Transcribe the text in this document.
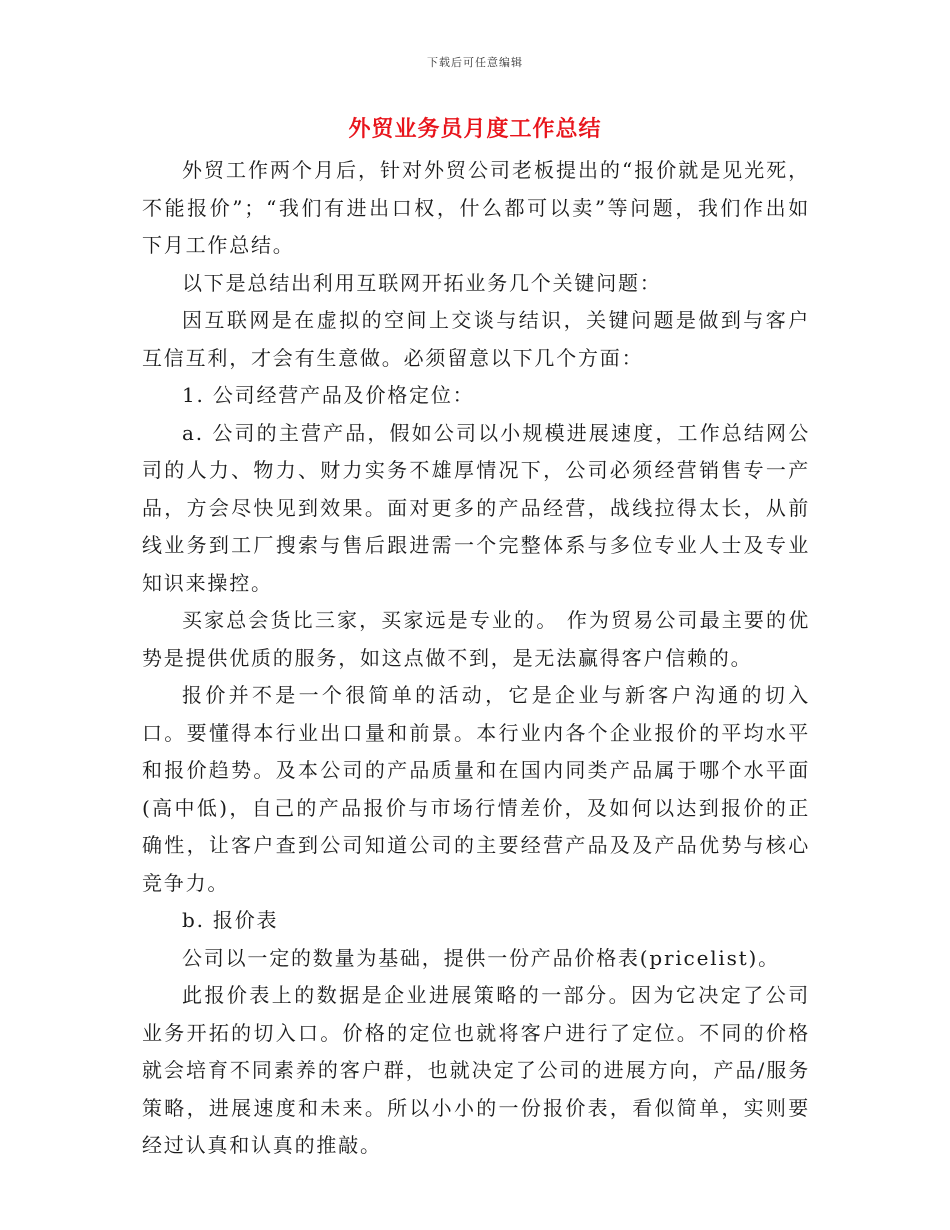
下载后可任意编辑
外贸业务员月度工作总结

外贸工作两个月后，针对外贸公司老板提出的“报价就是见光死，不能报价”；“我们有进出口权，什么都可以卖”等问题，我们作出如下月工作总结。

以下是总结出利用互联网开拓业务几个关键问题：

因互联网是在虚拟的空间上交谈与结识，关键问题是做到与客户互信互利，才会有生意做。必须留意以下几个方面：

1. 公司经营产品及价格定位：

a. 公司的主营产品，假如公司以小规模进展速度，工作总结网公司的人力、物力、财力实务不雄厚情况下，公司必须经营销售专一产品，方会尽快见到效果。面对更多的产品经营，战线拉得太长，从前线业务到工厂搜索与售后跟进需一个完整体系与多位专业人士及专业知识来操控。

买家总会货比三家，买家远是专业的。 作为贸易公司最主要的优势是提供优质的服务，如这点做不到，是无法赢得客户信赖的。

报价并不是一个很简单的活动，它是企业与新客户沟通的切入口。要懂得本行业出口量和前景。本行业内各个企业报价的平均水平和报价趋势。及本公司的产品质量和在国内同类产品属于哪个水平面(高中低)，自己的产品报价与市场行情差价，及如何以达到报价的正确性，让客户查到公司知道公司的主要经营产品及及产品优势与核心竞争力。

b. 报价表

公司以一定的数量为基础，提供一份产品价格表(pricelist)。

此报价表上的数据是企业进展策略的一部分。因为它决定了公司业务开拓的切入口。价格的定位也就将客户进行了定位。不同的价格就会培育不同素养的客户群，也就决定了公司的进展方向，产品/服务策略，进展速度和未来。所以小小的一份报价表，看似简单，实则要经过认真和认真的推敲。
